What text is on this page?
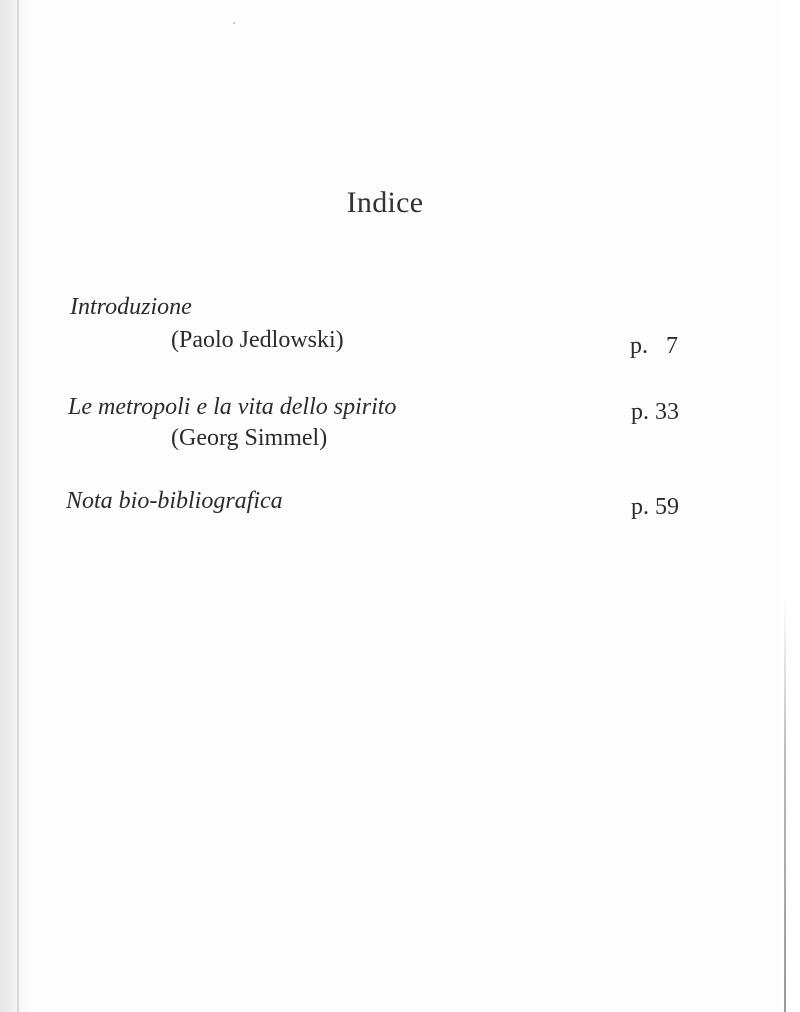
Indice
Introduzione
(Paolo Jedlowski)	p. 7
Le metropoli e la vita dello spirito
(Georg Simmel)
p. 33
Nota bio-bibliografica	p. 59
